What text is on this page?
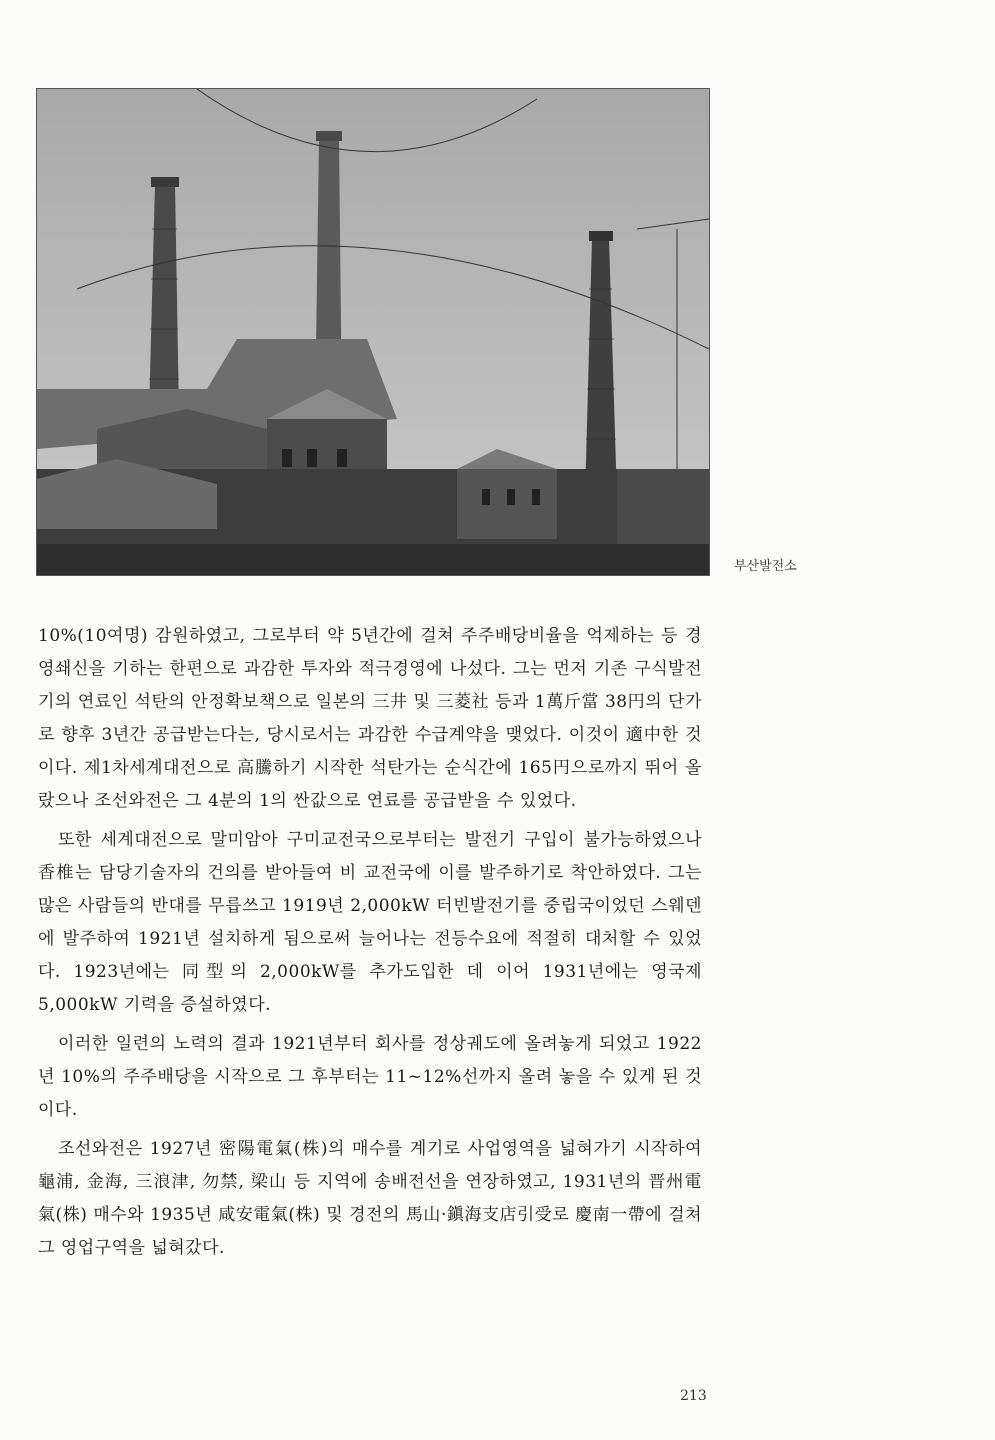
부산발전소

10%(10여명) 감원하였고, 그로부터 약 5년간에 걸쳐 주주배당비율을 억제하는 등 경영쇄신을 기하는 한편으로 과감한 투자와 적극경영에 나섰다. 그는 먼저 기존 구식발전기의 연료인 석탄의 안정확보책으로 일본의 三井 및 三菱社 등과 1萬斤當 38円의 단가로 향후 3년간 공급받는다는, 당시로서는 과감한 수급계약을 맺었다. 이것이 適中한 것이다. 제1차세계대전으로 高騰하기 시작한 석탄가는 순식간에 165円으로까지 뛰어 올랐으나 조선와전은 그 4분의 1의 싼값으로 연료를 공급받을 수 있었다.

또한 세계대전으로 말미암아 구미교전국으로부터는 발전기 구입이 불가능하였으나 香椎는 담당기술자의 건의를 받아들여 비 교전국에 이를 발주하기로 착안하였다. 그는 많은 사람들의 반대를 무릅쓰고 1919년 2,000kW 터빈발전기를 중립국이었던 스웨덴에 발주하여 1921년 설치하게 됨으로써 늘어나는 전등수요에 적절히 대처할 수 있었다. 1923년에는 同型의 2,000kW를 추가도입한 데 이어 1931년에는 영국제 5,000kW 기력을 증설하였다.

이러한 일련의 노력의 결과 1921년부터 회사를 정상궤도에 올려놓게 되었고 1922년 10%의 주주배당을 시작으로 그 후부터는 11~12%선까지 올려 놓을 수 있게 된 것이다.

조선와전은 1927년 密陽電氣(株)의 매수를 계기로 사업영역을 넓혀가기 시작하여 龜浦, 金海, 三浪津, 勿禁, 梁山 등 지역에 송배전선을 연장하였고, 1931년의 晋州電氣(株) 매수와 1935년 咸安電氣(株) 및 경전의 馬山·鎭海支店引受로 慶南一帶에 걸쳐 그 영업구역을 넓혀갔다.

213
